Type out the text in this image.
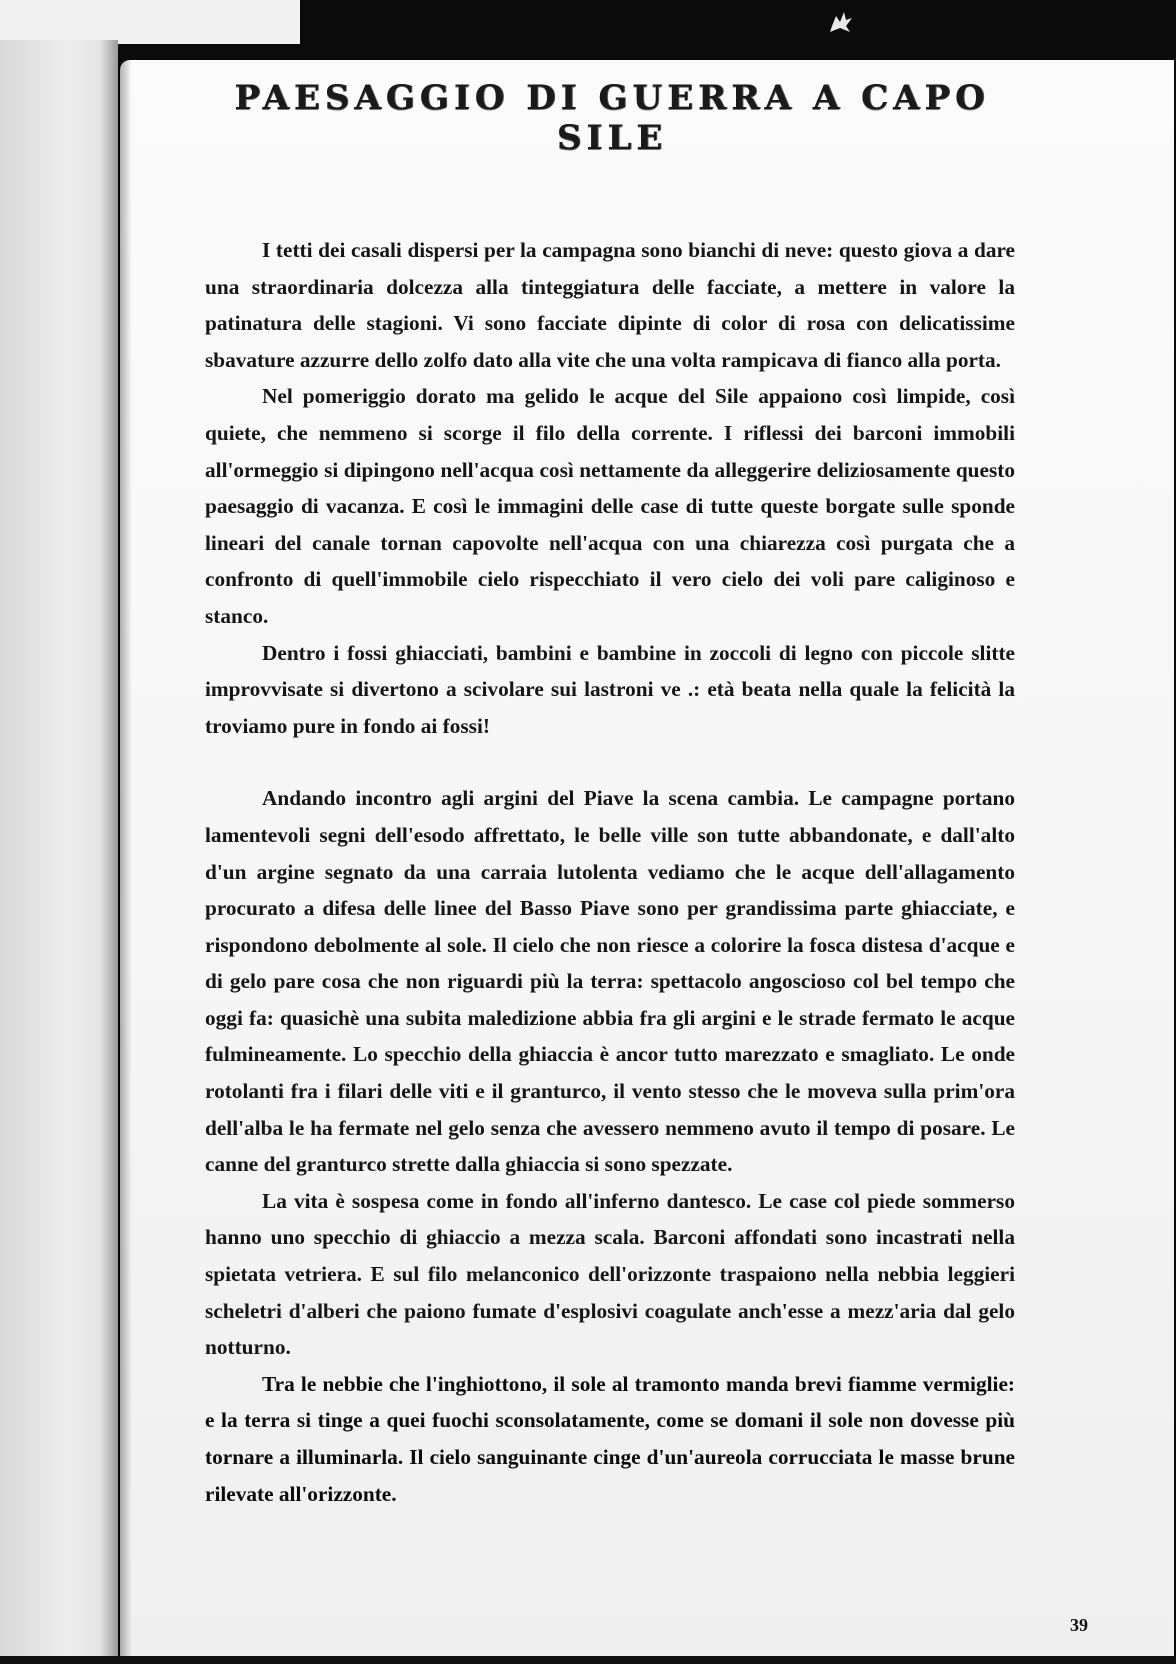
PAESAGGIO DI GUERRA A CAPO SILE

I tetti dei casali dispersi per la campagna sono bianchi di neve: questo giova a dare una straordinaria dolcezza alla tinteggiatura delle facciate, a mettere in valore la patinatura delle stagioni. Vi sono facciate dipinte di color di rosa con delicatissime sbavature azzurre dello zolfo dato alla vite che una volta rampicava di fianco alla porta.

Nel pomeriggio dorato ma gelido le acque del Sile appaiono così limpide, così quiete, che nemmeno si scorge il filo della corrente. I riflessi dei barconi immobili all'ormeggio si dipingono nell'acqua così nettamente da alleggerire deliziosamente questo paesaggio di vacanza. E così le immagini delle case di tutte queste borgate sulle sponde lineari del canale tornan capovolte nell'acqua con una chiarezza così purgata che a confronto di quell'immobile cielo rispecchiato il vero cielo dei voli pare caliginoso e stanco.

Dentro i fossi ghiacciati, bambini e bambine in zoccoli di legno con piccole slitte improvvisate si divertono a scivolare sui lastroni ve .: età beata nella quale la felicità la troviamo pure in fondo ai fossi!

Andando incontro agli argini del Piave la scena cambia. Le campagne portano lamentevoli segni dell'esodo affrettato, le belle ville son tutte abbandonate, e dall'alto d'un argine segnato da una carraia lutolenta vediamo che le acque dell'allagamento procurato a difesa delle linee del Basso Piave sono per grandissima parte ghiacciate, e rispondono debolmente al sole. Il cielo che non riesce a colorire la fosca distesa d'acque e di gelo pare cosa che non riguardi più la terra: spettacolo angoscioso col bel tempo che oggi fa: quasichè una subita maledizione abbia fra gli argini e le strade fermato le acque fulmineamente. Lo specchio della ghiaccia è ancor tutto marezzato e smagliato. Le onde rotolanti fra i filari delle viti e il granturco, il vento stesso che le moveva sulla prim'ora dell'alba le ha fermate nel gelo senza che avessero nemmeno avuto il tempo di posare. Le canne del granturco strette dalla ghiaccia si sono spezzate.

La vita è sospesa come in fondo all'inferno dantesco. Le case col piede sommerso hanno uno specchio di ghiaccio a mezza scala. Barconi affondati sono incastrati nella spietata vetriera. E sul filo melanconico dell'orizzonte traspaiono nella nebbia leggieri scheletri d'alberi che paiono fumate d'esplosivi coagulate anch'esse a mezz'aria dal gelo notturno.

Tra le nebbie che l'inghiottono, il sole al tramonto manda brevi fiamme vermiglie: e la terra si tinge a quei fuochi sconsolatamente, come se domani il sole non dovesse più tornare a illuminarla. Il cielo sanguinante cinge d'un'aureola corrucciata le masse brune rilevate all'orizzonte.

39
